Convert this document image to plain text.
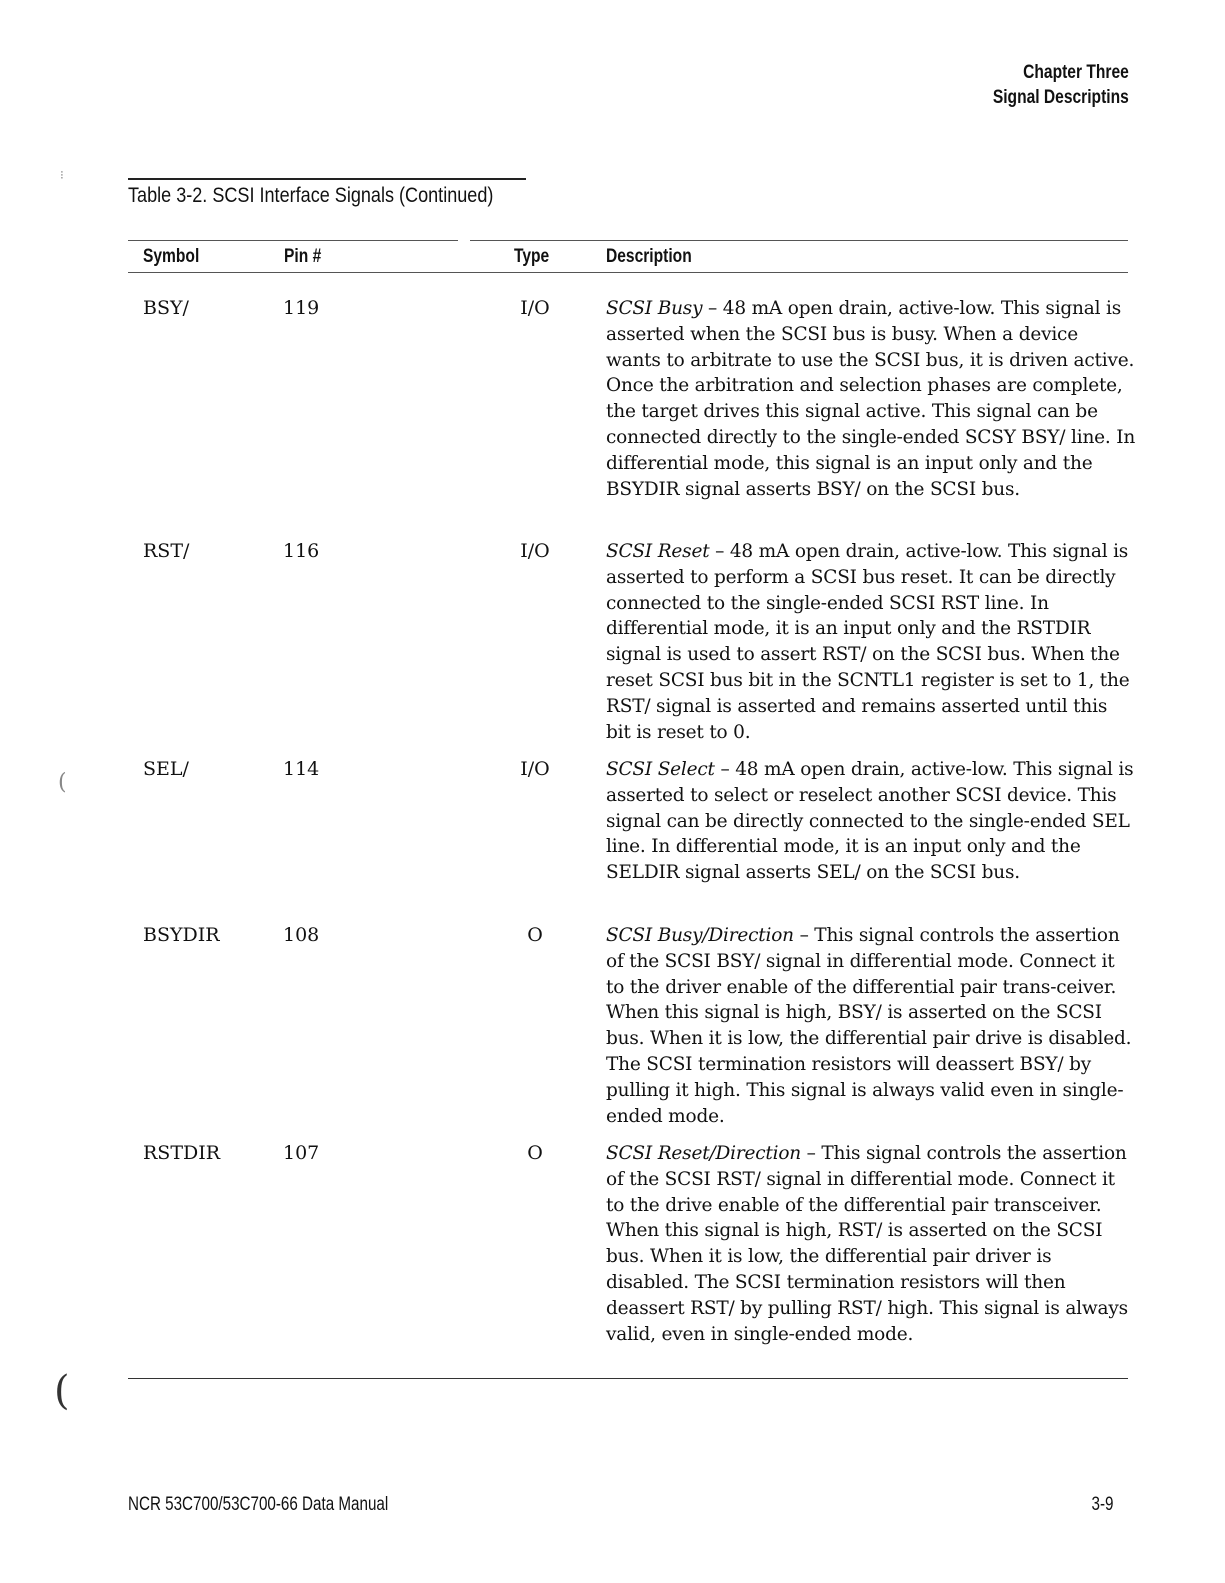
Chapter Three
Signal Descriptins
Table 3-2. SCSI Interface Signals (Continued)
Symbol	Pin #	Type	Description
BSY/	119	I/O	SCSI Busy – 48 mA open drain, active-low. This signal is asserted when the SCSI bus is busy. When a device wants to arbitrate to use the SCSI bus, it is driven active. Once the arbitration and selection phases are complete, the target drives this signal active. This signal can be connected directly to the single-ended SCSY BSY/ line. In differential mode, this signal is an input only and the BSYDIR signal asserts BSY/ on the SCSI bus.
RST/	116	I/O	SCSI Reset – 48 mA open drain, active-low. This signal is asserted to perform a SCSI bus reset. It can be directly connected to the single-ended SCSI RST line. In differential mode, it is an input only and the RSTDIR signal is used to assert RST/ on the SCSI bus. When the reset SCSI bus bit in the SCNTL1 register is set to 1, the RST/ signal is asserted and remains asserted until this bit is reset to 0.
SEL/	114	I/O	SCSI Select – 48 mA open drain, active-low. This signal is asserted to select or reselect another SCSI device. This signal can be directly connected to the single-ended SEL line. In differential mode, it is an input only and the SELDIR signal asserts SEL/ on the SCSI bus.
BSYDIR	108	O	SCSI Busy/Direction – This signal controls the assertion of the SCSI BSY/ signal in differential mode. Connect it to the driver enable of the differential pair trans-ceiver. When this signal is high, BSY/ is asserted on the SCSI bus. When it is low, the differential pair drive is disabled. The SCSI termination resistors will deassert BSY/ by pulling it high. This signal is always valid even in single-ended mode.
RSTDIR	107	O	SCSI Reset/Direction – This signal controls the assertion of the SCSI RST/ signal in differential mode. Connect it to the drive enable of the differential pair transceiver. When this signal is high, RST/ is asserted on the SCSI bus. When it is low, the differential pair driver is disabled. The SCSI termination resistors will then deassert RST/ by pulling RST/ high. This signal is always valid, even in single-ended mode.
⁝
(
(
NCR 53C700/53C700-66 Data Manual	3-9
